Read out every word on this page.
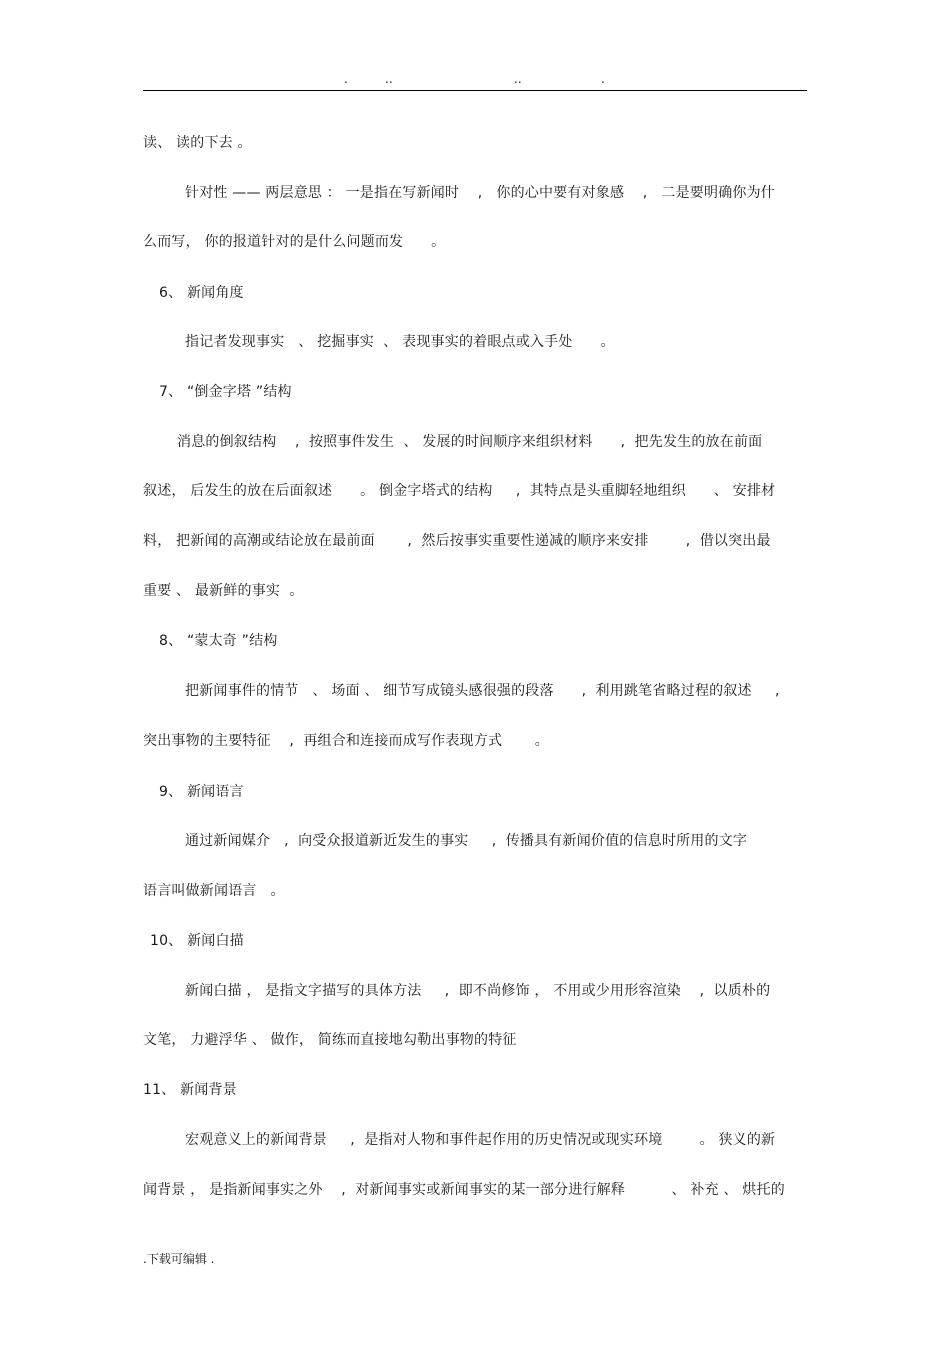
.	..	..	.
读、 读的下去 。
针对性 —— 两层意思 ： 一是指在写新闻时    ,   你的心中要有对象感    ,   二是要明确你为什
么而写， 你的报道针对的是什么问题而发      。
6、 新闻角度
指记者发现事实   、 挖掘事实  、 表现事实的着眼点或入手处      。
7、 “倒金字塔 ”结构
消息的倒叙结构    ,  按照事件发生  、 发展的时间顺序来组织材料      ,  把先发生的放在前面
叙述， 后发生的放在后面叙述      。 倒金字塔式的结构     ,  其特点是头重脚轻地组织      、 安排材
料， 把新闻的高潮或结论放在最前面       ,  然后按事实重要性递减的顺序来安排        ,  借以突出最
重要 、 最新鲜的事实  。
8、 “蒙太奇 ”结构
把新闻事件的情节   、 场面 、 细节写成镜头感很强的段落      ,  利用跳笔省略过程的叙述     ,
突出事物的主要特征    ,  再组合和连接而成写作表现方式       。
9、 新闻语言
通过新闻媒介   ,  向受众报道新近发生的事实     ,  传播具有新闻价值的信息时所用的文字
语言叫做新闻语言   。
10、 新闻白描
新闻白描 ， 是指文字描写的具体方法     ,  即不尚修饰 ， 不用或少用形容渲染    ,  以质朴的
文笔， 力避浮华 、 做作， 简练而直接地勾勒出事物的特征
11、 新闻背景
宏观意义上的新闻背景     ,  是指对人物和事件起作用的历史情况或现实环境        。 狭义的新
闻背景 ， 是指新闻事实之外    ,  对新闻事实或新闻事实的某一部分进行解释          、 补充 、 烘托的
.下载可编辑 .
